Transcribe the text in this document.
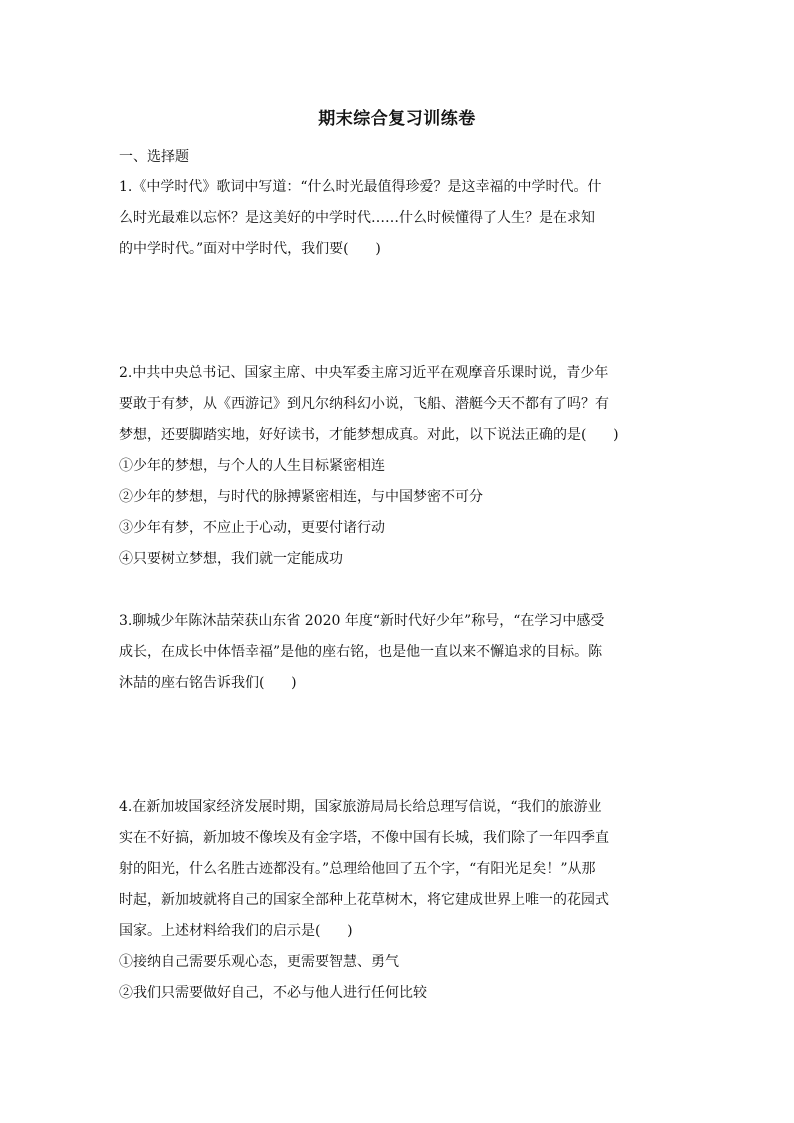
期末综合复习训练卷
一、选择题
1.《中学时代》歌词中写道：“什么时光最值得珍爱？是这幸福的中学时代。什
么时光最难以忘怀？是这美好的中学时代……什么时候懂得了人生？是在求知
的中学时代。”面对中学时代，我们要(      )

2.中共中央总书记、国家主席、中央军委主席习近平在观摩音乐课时说，青少年
要敢于有梦，从《西游记》到凡尔纳科幻小说，飞船、潜艇今天不都有了吗？有
梦想，还要脚踏实地，好好读书，才能梦想成真。对此，以下说法正确的是(      )
①少年的梦想，与个人的人生目标紧密相连
②少年的梦想，与时代的脉搏紧密相连，与中国梦密不可分
③少年有梦，不应止于心动，更要付诸行动
④只要树立梦想，我们就一定能成功

3.聊城少年陈沐喆荣获山东省 2020 年度“新时代好少年”称号，“在学习中感受
成长，在成长中体悟幸福”是他的座右铭，也是他一直以来不懈追求的目标。陈
沐喆的座右铭告诉我们(      )

4.在新加坡国家经济发展时期，国家旅游局局长给总理写信说，“我们的旅游业
实在不好搞，新加坡不像埃及有金字塔，不像中国有长城，我们除了一年四季直
射的阳光，什么名胜古迹都没有。”总理给他回了五个字，“有阳光足矣！”从那
时起，新加坡就将自己的国家全部种上花草树木，将它建成世界上唯一的花园式
国家。上述材料给我们的启示是(      )
①接纳自己需要乐观心态，更需要智慧、勇气
②我们只需要做好自己，不必与他人进行任何比较
